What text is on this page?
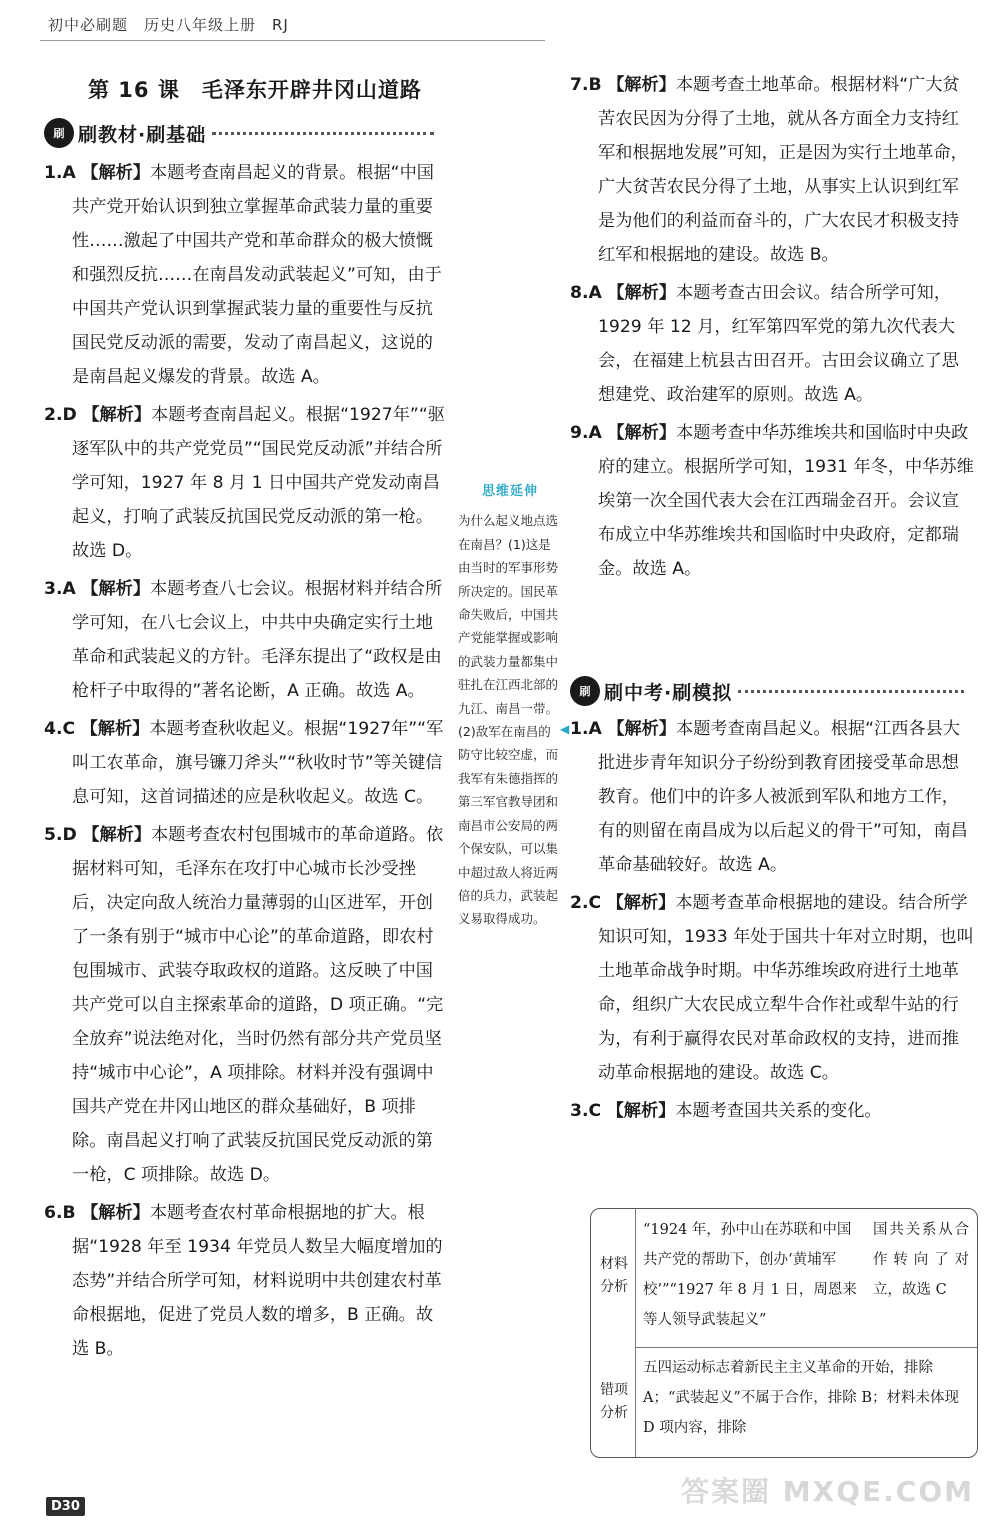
初中必刷题　历史八年级上册　RJ
第 16 课　毛泽东开辟井冈山道路
刷 刷教材·刷基础

1.A 【解析】本题考查南昌起义的背景。根据“中国共产党开始认识到独立掌握革命武装力量的重要性……激起了中国共产党和革命群众的极大愤慨和强烈反抗……在南昌发动武装起义”可知，由于中国共产党认识到掌握武装力量的重要性与反抗国民党反动派的需要，发动了南昌起义，这说的是南昌起义爆发的背景。故选 A。

2.D 【解析】本题考查南昌起义。根据“1927年”“驱逐军队中的共产党党员”“国民党反动派”并结合所学可知，1927 年 8 月 1 日中国共产党发动南昌起义，打响了武装反抗国民党反动派的第一枪。故选 D。

3.A 【解析】本题考查八七会议。根据材料并结合所学可知，在八七会议上，中共中央确定实行土地革命和武装起义的方针。毛泽东提出了“政权是由枪杆子中取得的”著名论断，A 正确。故选 A。

4.C 【解析】本题考查秋收起义。根据“1927年”“军叫工农革命，旗号镰刀斧头”“秋收时节”等关键信息可知，这首词描述的应是秋收起义。故选 C。

5.D 【解析】本题考查农村包围城市的革命道路。依据材料可知，毛泽东在攻打中心城市长沙受挫后，决定向敌人统治力量薄弱的山区进军，开创了一条有别于“城市中心论”的革命道路，即农村包围城市、武装夺取政权的道路。这反映了中国共产党可以自主探索革命的道路，D 项正确。“完全放弃”说法绝对化，当时仍然有部分共产党员坚持“城市中心论”，A 项排除。材料并没有强调中国共产党在井冈山地区的群众基础好，B 项排除。南昌起义打响了武装反抗国民党反动派的第一枪，C 项排除。故选 D。

6.B 【解析】本题考查农村革命根据地的扩大。根据“1928 年至 1934 年党员人数呈大幅度增加的态势”并结合所学可知，材料说明中共创建农村革命根据地，促进了党员人数的增多，B 正确。故选 B。

思维延伸
为什么起义地点选在南昌？(1)这是由当时的军事形势所决定的。国民革命失败后，中国共产党能掌握或影响的武装力量都集中驻扎在江西北部的九江、南昌一带。(2)敌军在南昌的防守比较空虚，而我军有朱德指挥的第三军官教导团和南昌市公安局的两个保安队，可以集中超过敌人将近两倍的兵力，武装起义易取得成功。
◀

7.B 【解析】本题考查土地革命。根据材料“广大贫苦农民因为分得了土地，就从各方面全力支持红军和根据地发展”可知，正是因为实行土地革命，广大贫苦农民分得了土地，从事实上认识到红军是为他们的利益而奋斗的，广大农民才积极支持红军和根据地的建设。故选 B。

8.A 【解析】本题考查古田会议。结合所学可知，1929 年 12 月，红军第四军党的第九次代表大会，在福建上杭县古田召开。古田会议确立了思想建党、政治建军的原则。故选 A。

9.A 【解析】本题考查中华苏维埃共和国临时中央政府的建立。根据所学可知，1931 年冬，中华苏维埃第一次全国代表大会在江西瑞金召开。会议宣布成立中华苏维埃共和国临时中央政府，定都瑞金。故选 A。

刷 刷中考·刷模拟

1.A 【解析】本题考查南昌起义。根据“江西各县大批进步青年知识分子纷纷到教育团接受革命思想教育。他们中的许多人被派到军队和地方工作，有的则留在南昌成为以后起义的骨干”可知，南昌革命基础较好。故选 A。

2.C 【解析】本题考查革命根据地的建设。结合所学知识可知，1933 年处于国共十年对立时期，也叫土地革命战争时期。中华苏维埃政府进行土地革命，组织广大农民成立犁牛合作社或犁牛站的行为，有利于赢得农民对革命政权的支持，进而推动革命根据地的建设。故选 C。

3.C 【解析】本题考查国共关系的变化。

材料分析
错项分析
“1924 年，孙中山在苏联和中国共产党的帮助下，创办‘黄埔军校’”“1927 年 8 月 1 日，周恩来等人领导武装起义”
国共关系从合作转向了对立，故选 C
五四运动标志着新民主主义革命的开始，排除 A；“武装起义”不属于合作，排除 B；材料未体现 D 项内容，排除
D30	答案圈 MXQE.COM
